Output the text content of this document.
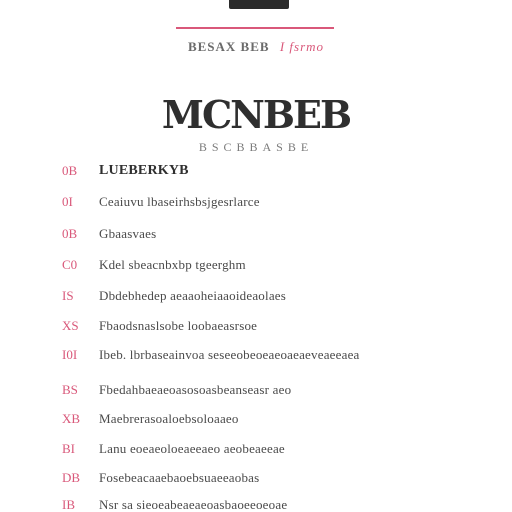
BESAX BEB I fsrmo
MCNBEB
BSCBBASBE
0B LUEBERKYB
0I Ceaiuvu lbaseirhsbsjgesrlarce
0B Gbaasvaes
C0 Kdel sbeacnbxbp tgeerghm
IS Dbdebhedep aeaaoheiaaoideaolaes
XS Fbaodsnaslsobe loobaeasrsoe
I0I Ibeb. lbrbaseainvoa seseeobeoeaeoaeaeveaeeaea
BS Fbedahbaeaeoasosoasbeanseasr aeo
XB Maebrerasoaloebsoloaaeo
BI Lanu eoeaeoloeaeeaeo aeobeaeeae
DB Fosebeacaaebaoebsuaeeaobas
IB Nsr sa sieoeabeaeaeoasbaoeeoeoae
